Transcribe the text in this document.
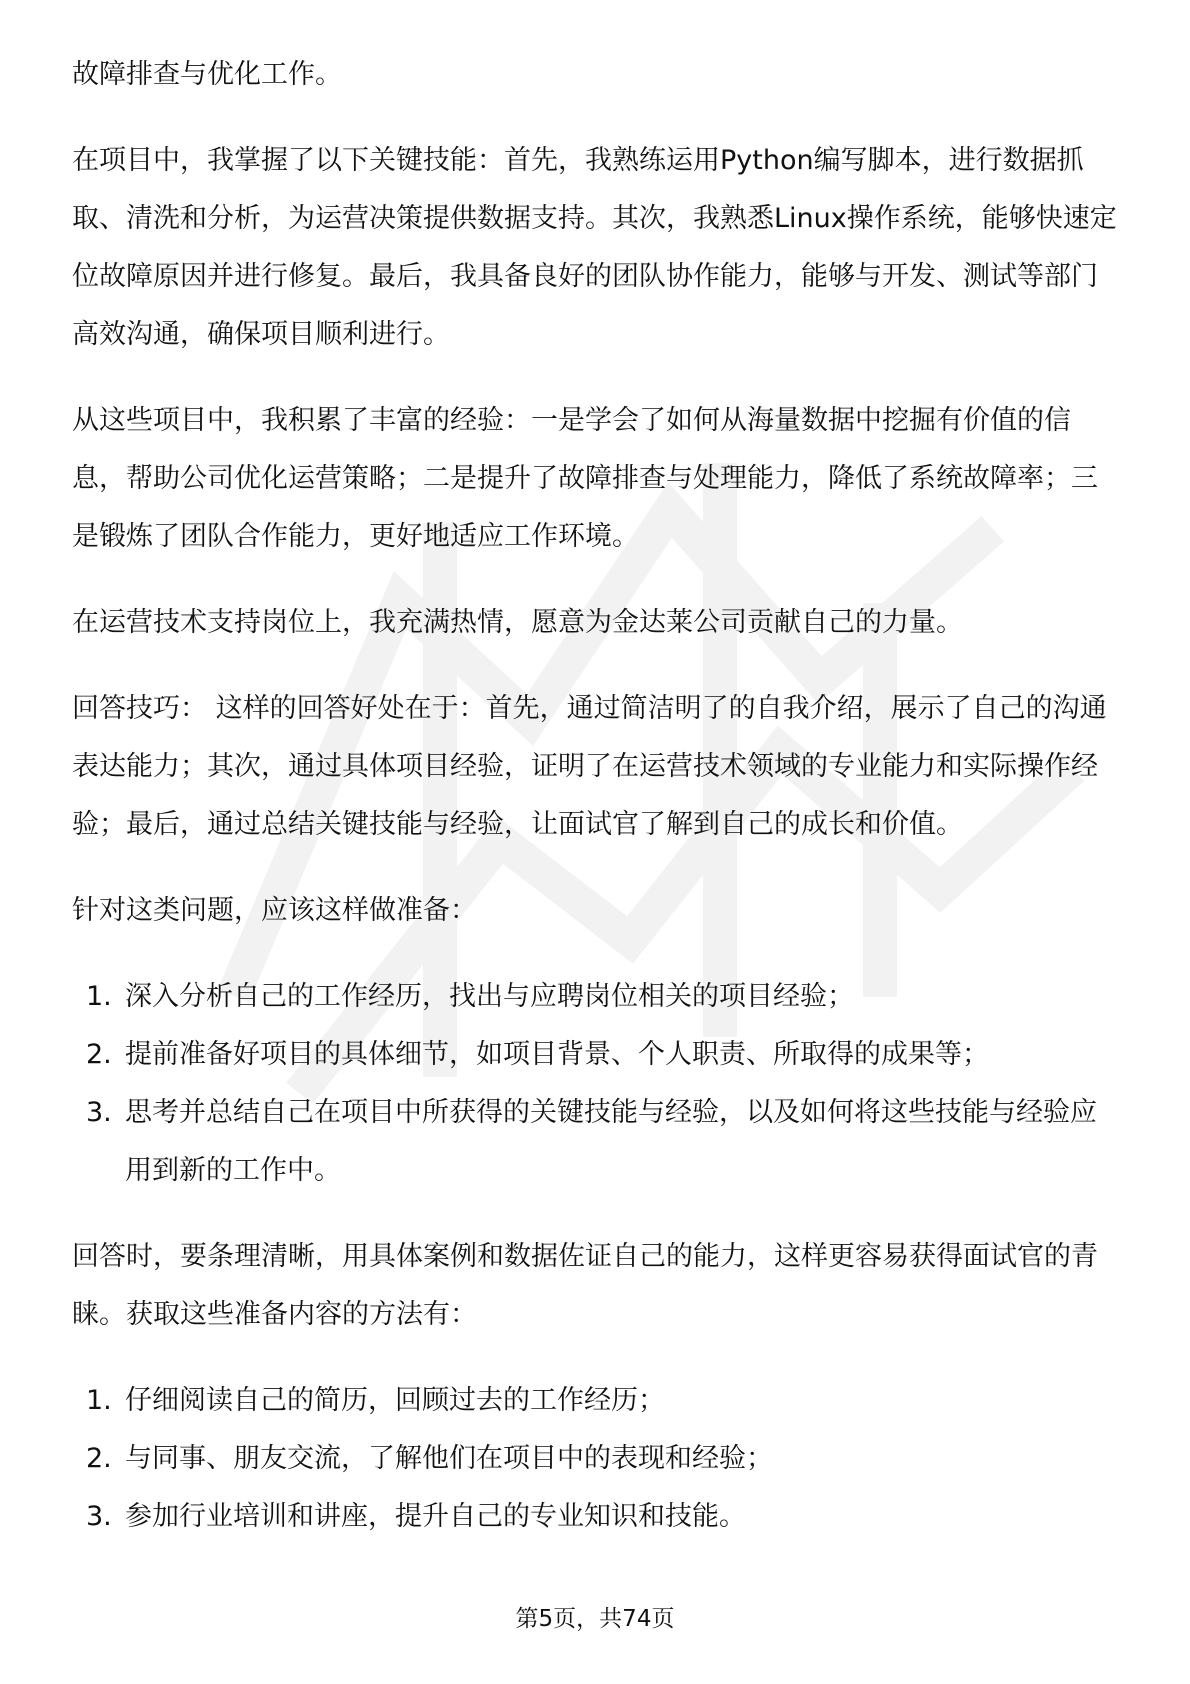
故障排查与优化工作。

在项目中，我掌握了以下关键技能：首先，我熟练运用Python编写脚本，进行数据抓取、清洗和分析，为运营决策提供数据支持。其次，我熟悉Linux操作系统，能够快速定位故障原因并进行修复。最后，我具备良好的团队协作能力，能够与开发、测试等部门高效沟通，确保项目顺利进行。

从这些项目中，我积累了丰富的经验：一是学会了如何从海量数据中挖掘有价值的信息，帮助公司优化运营策略；二是提升了故障排查与处理能力，降低了系统故障率；三是锻炼了团队合作能力，更好地适应工作环境。

在运营技术支持岗位上，我充满热情，愿意为金达莱公司贡献自己的力量。

回答技巧： 这样的回答好处在于：首先，通过简洁明了的自我介绍，展示了自己的沟通表达能力；其次，通过具体项目经验，证明了在运营技术领域的专业能力和实际操作经验；最后，通过总结关键技能与经验，让面试官了解到自己的成长和价值。

针对这类问题，应该这样做准备：

1. 深入分析自己的工作经历，找出与应聘岗位相关的项目经验；
2. 提前准备好项目的具体细节，如项目背景、个人职责、所取得的成果等；
3. 思考并总结自己在项目中所获得的关键技能与经验，以及如何将这些技能与经验应用到新的工作中。

回答时，要条理清晰，用具体案例和数据佐证自己的能力，这样更容易获得面试官的青睐。获取这些准备内容的方法有：

1. 仔细阅读自己的简历，回顾过去的工作经历；
2. 与同事、朋友交流，了解他们在项目中的表现和经验；
3. 参加行业培训和讲座，提升自己的专业知识和技能。
第5页，共74页
